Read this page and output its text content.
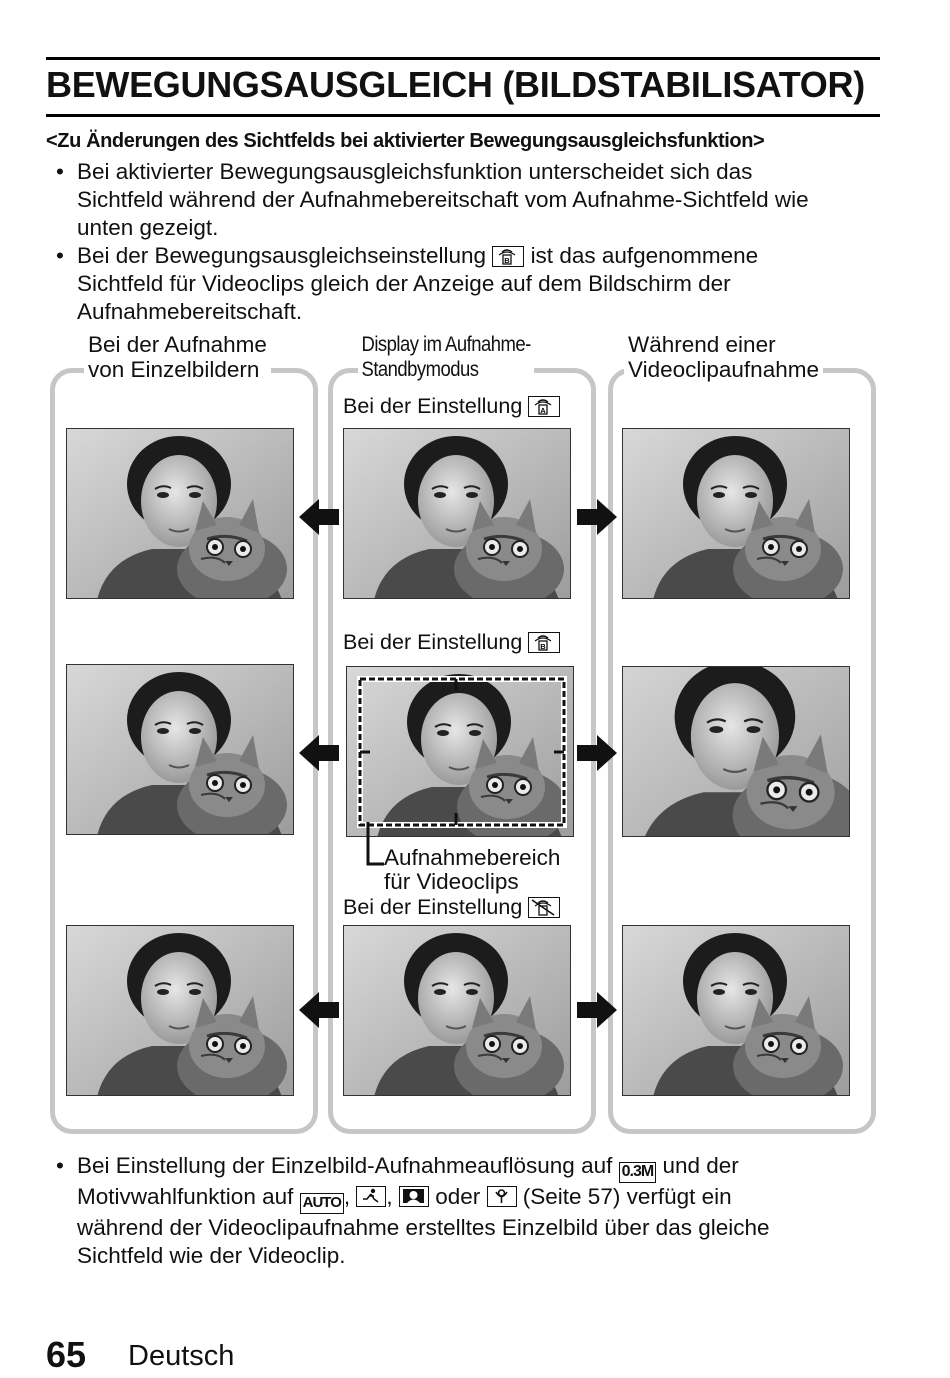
BEWEGUNGSAUSGLEICH (BILDSTABILISATOR)
<Zu Änderungen des Sichtfelds bei aktivierter Bewegungsausgleichsfunktion>
• Bei aktivierter Bewegungsausgleichsfunktion unterscheidet sich das
Sichtfeld während der Aufnahmebereitschaft vom Aufnahme-Sichtfeld wie
unten gezeigt.
• Bei der Bewegungsausgleichseinstellung B ist das aufgenommene
Sichtfeld für Videoclips gleich der Anzeige auf dem Bildschirm der
Aufnahmebereitschaft.
Bei der Aufnahme
von Einzelbildern
Display im Aufnahme-
Standbymodus
Während einer
Videoclipaufnahme
Bei der Einstellung A
Bei der Einstellung B
Bei der Einstellung
Aufnahmebereich
für Videoclips
• Bei Einstellung der Einzelbild-Aufnahmeauflösung auf 0.3M und der
Motivwahlfunktion auf AUTO , , oder (Seite 57) verfügt ein
während der Videoclipaufnahme erstelltes Einzelbild über das gleiche
Sichtfeld wie der Videoclip.
65 Deutsch
